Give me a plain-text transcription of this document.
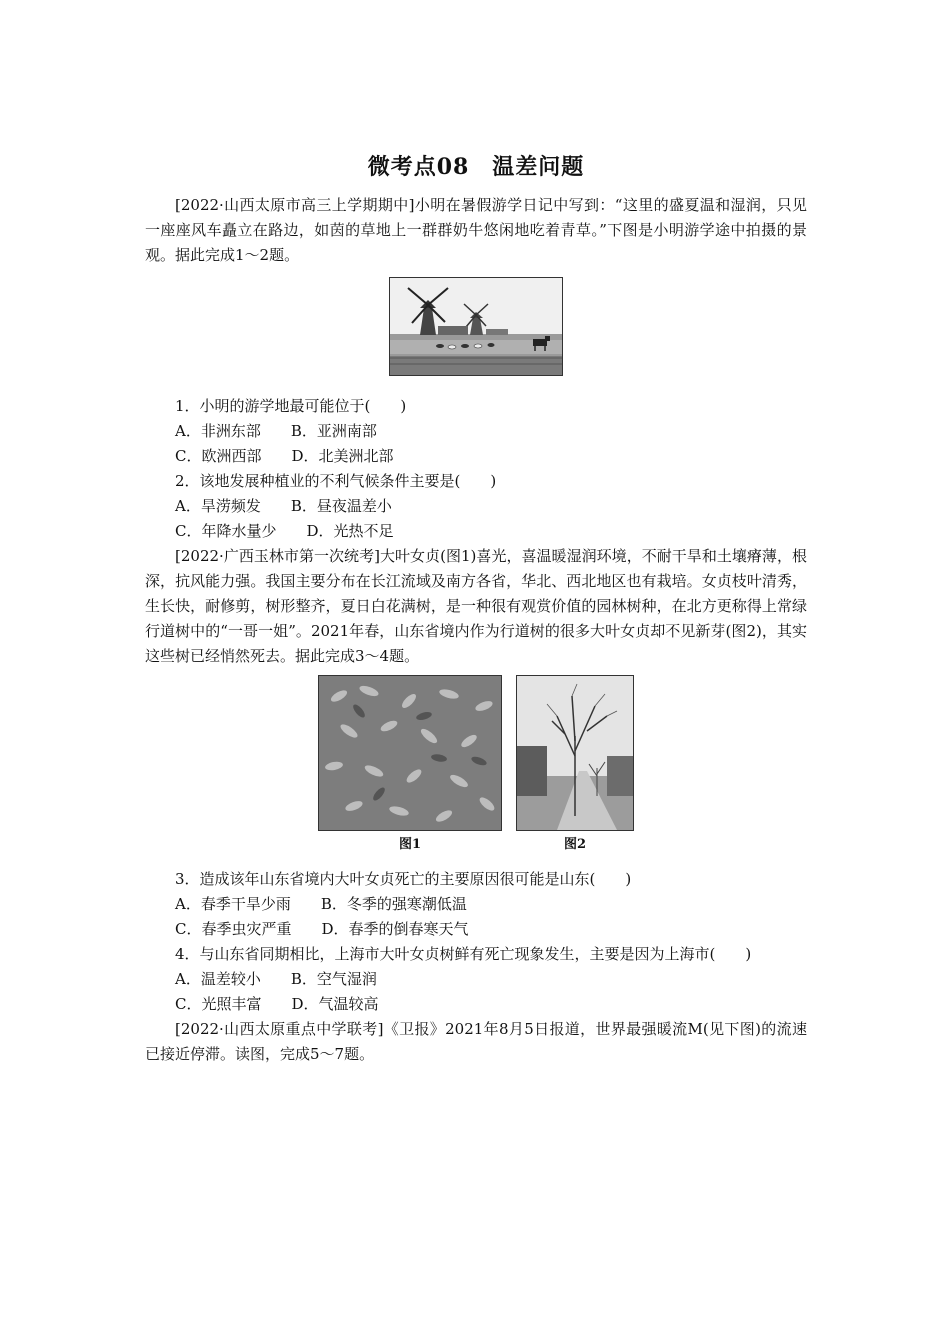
微考点08　温差问题

[2022·山西太原市高三上学期期中]小明在暑假游学日记中写到：“这里的盛夏温和湿润，只见一座座风车矗立在路边，如茵的草地上一群群奶牛悠闲地吃着青草。”下图是小明游学途中拍摄的景观。据此完成1～2题。

1．小明的游学地最可能位于(　　)

A．非洲东部　　B．亚洲南部

C．欧洲西部　　D．北美洲北部

2．该地发展种植业的不利气候条件主要是(　　)

A．旱涝频发　　B．昼夜温差小

C．年降水量少　　D．光热不足

[2022·广西玉林市第一次统考]大叶女贞(图1)喜光，喜温暖湿润环境，不耐干旱和土壤瘠薄，根深，抗风能力强。我国主要分布在长江流域及南方各省，华北、西北地区也有栽培。女贞枝叶清秀，生长快，耐修剪，树形整齐，夏日白花满树，是一种很有观赏价值的园林树种，在北方更称得上常绿行道树中的“一哥一姐”。2021年春，山东省境内作为行道树的很多大叶女贞却不见新芽(图2)，其实这些树已经悄然死去。据此完成3～4题。

图1	图2

3．造成该年山东省境内大叶女贞死亡的主要原因很可能是山东(　　)

A．春季干旱少雨　　B．冬季的强寒潮低温

C．春季虫灾严重　　D．春季的倒春寒天气

4．与山东省同期相比，上海市大叶女贞树鲜有死亡现象发生，主要是因为上海市(　　)

A．温差较小　　B．空气湿润

C．光照丰富　　D．气温较高

[2022·山西太原重点中学联考]《卫报》2021年8月5日报道，世界最强暖流M(见下图)的流速已接近停滞。读图，完成5～7题。
